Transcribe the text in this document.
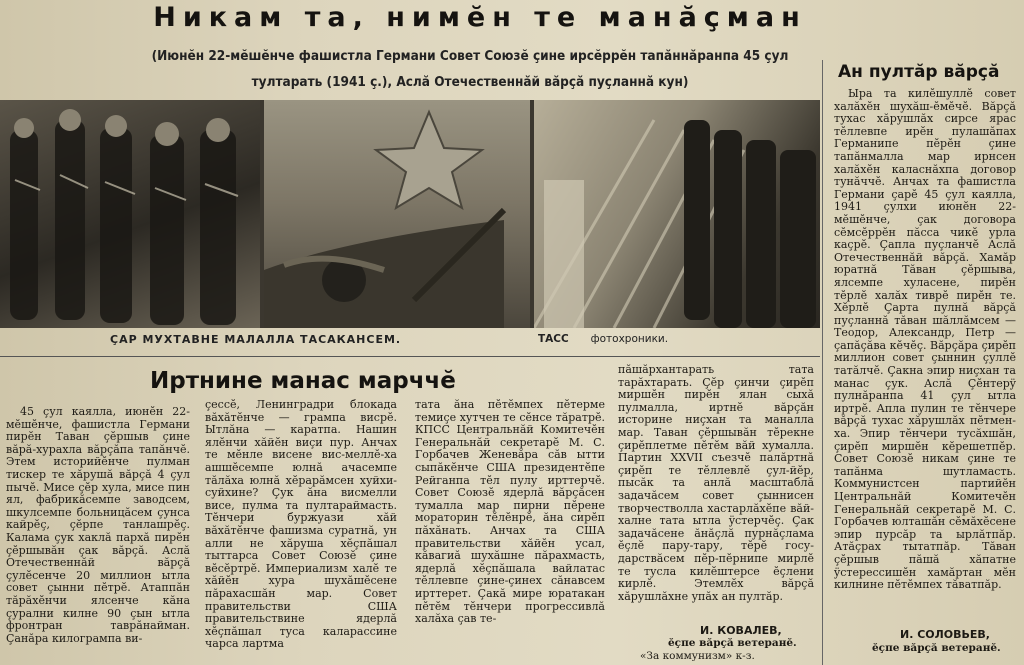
Никам та, нимĕн те манăçман
(Июнĕн 22-мĕшĕнче фашистла Германи Совет Союзĕ çине ирсĕррĕн тапăннăранпа 45 çул
тултарать (1941 ç.), Аслă Отечественнăй вăрçă пуçланнă кун)
ÇАР МУХТАВНЕ МАЛАЛЛА ТАСАКАНСЕМ.	ТАСС фотохроники.
Иртнине манас марччĕ

45 çул каялла, июнĕн 22-мĕшĕнче, фашистла Германи пирĕн Таван çĕршыв çине вăрă-хурахла вăрçăпа тапăнчĕ. Этем историйĕнче пулман тискер те хăрушă вăрçă 4 çул пычĕ. Мисе çĕр хула, мисе пин ял, фабрикăсемпе заводсем, шкулсемпе больницăсем çунса кайрĕç, çĕрпе танлашрĕç. Калама çук хаклă пархă пирĕн çĕршывăн çак вăрçă. Аслă Отечественнăй вăрçă çулĕсенче 20 миллион ытла совет çынни пĕтрĕ. Атаппăн тăрăхĕнчи ялсенче кăна çурални килне 90 çын ытла фронтран таврăнайман. Çанăра килогрампа ви-

çессĕ, Ленинградри блокада вăхăтĕнче — грампа висрĕ. Ытлăна — каратпа. Нашин ялĕнчи хăйĕн виçи пур. Анчах те мĕнле висене вис-меллĕ-ха ашшĕсемпе юлнă ачасемпе тăлăха юлнă хĕрарăмсен хуйхи-суйхине? Çук ăна висмелли висе, пулма та пултараймасть. Тĕнчери буржуази хăй вăхăтĕнче фашизма суратнă, ун алли не хăруша хĕçпăшал тыттарса Совет Союзĕ çине вĕсĕртрĕ. Империализм халĕ те хăйĕн хура шухăшĕсене пăрахасшăн мар. Совет правительстви США правительствине ядерлă хĕçпăшал туса каларассине чарса лартма

тата ăна пĕтĕмпех пĕтерме темиçе хутчен те сĕнсе тăратрĕ. КПСС Центральнăй Комитечĕн Генеральнăй секретарĕ М. С. Горбачев Женевăра сăв ытти сыпăкĕнче США президентĕпе Рейганпа тĕл пулу ирттерчĕ. Совет Союзĕ ядерлă вăрçăсен тумалла мар пирни пĕрене мораторин тĕлĕнрĕ, ăна сирĕп пăхăнать. Анчах та США правительстви хăйĕн усал, кăвагиă шухăшне пăрахмасть, ядерлă хĕçпăшала вайлатас тĕллевпе çине-çинех сăнавсем ирттерет. Çакă мире юратакан пĕтĕм тĕнчери прогрессивлă халăха çав те-

пăшăрхантарать тата тарăхтарать. Çĕр çинчи çирĕп миршĕн пирĕн ялан сыхă пулмалла, иртнĕ вăрçăн историне ниçхан та маналла мар. Таван çĕршывăн тĕрекне çирĕплетме пĕтĕм вăй хумалла. Партин XXVII съезчĕ палăртнă çирĕп те тĕллевлĕ çул-йĕр, пысăк та анлă масштаблă задачăсем совет çыннисен творчестволла хастарлăхĕпе вăй-халне тата ытла ÿстерчĕç. Çак задачăсене ăнăçлă пурнăçлама ĕçлĕ пару-тару, тĕрĕ госу-дарствăсем пĕр-пĕрнипе мирлĕ те тусла килĕштерсе ĕçлени кирлĕ. Этемлĕх вăрçă хăрушлăхне упăх ан пултăр.

И. КОВАЛЕВ,
ĕçпе вăрçă ветеранĕ.
«За коммунизм» к-з.
Ан пултăр вăрçă

Ыра та килĕшуллĕ совет халăхĕн шухăш-ĕмĕчĕ. Вăрçă тухас хăрушлăх сирсе ярас тĕллевпе ирĕн пулашăпах Германипе пĕрĕн çине тапăнмалла мар ирнсен халăхĕн каласнăхпа договор тунăччĕ. Анчах та фашистла Германи çарĕ 45 çул каялла, 1941 çулхи июнĕн 22-мĕшĕнче, çак договора сĕмсĕррĕн пăсса чикĕ урла каçрĕ. Çапла пуçланчĕ Аслă Отечественнăй вăрçă. Хамăр юратнă Тăван çĕршыва, ялсемпе хуласене, пирĕн тĕрлĕ халăх тиврĕ пирĕн те. Хĕрлĕ Çарта пулнă вăрçă пуçланнă тăван шăллăмсем — Теодор, Александр, Петр — çапăçăва кĕчĕç. Вăрçăра çирĕп миллион совет çыннин çуллĕ татăлчĕ. Çакна эпир ниçхан та манас çук. Аслă Çĕнтерÿ пулнăранпа 41 çул ытла иртрĕ. Апла пулин те тĕнчере вăрçă тухас хăрушлăх пĕтмен-ха. Эпир тĕнчери тусăхшăн, çирĕп миршĕн кĕрешетпĕр. Совет Союзĕ никам çине те тапăнма шутламасть. Коммунистсен партийĕн Центральнăй Комитечĕн Генеральнăй секретарĕ М. С. Горбачев юлташăн сĕмăхĕсене эпир пурсăр та ырлăтпăр. Атăçрах тытатпăр. Тăван çĕршыв пăшă хăпатне ÿстерессишĕн хамăртан мĕн килнине пĕтĕмпех тăватпăр.

И. СОЛОВЬЕВ,
ĕçпе вăрçă ветеранĕ.
